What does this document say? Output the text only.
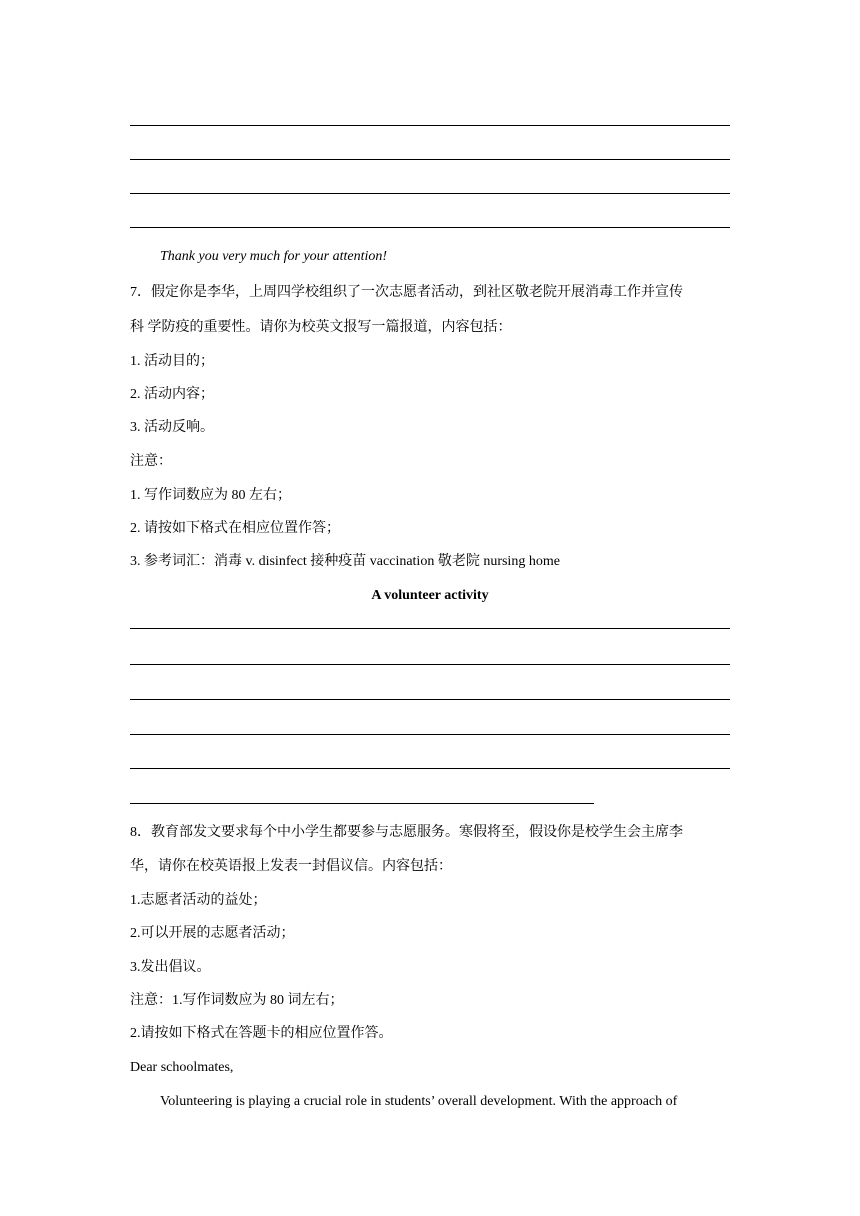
Thank you very much for your attention!
7．假定你是李华，上周四学校组织了一次志愿者活动，到社区敬老院开展消毒工作并宣传
科 学防疫的重要性。请你为校英文报写一篇报道，内容包括：
1. 活动目的；
2. 活动内容；
3. 活动反响。
注意：
1. 写作词数应为 80 左右；
2. 请按如下格式在相应位置作答；
3. 参考词汇：消毒 v. disinfect 接种疫苗 vaccination 敬老院 nursing home
A volunteer activity
8．教育部发文要求每个中小学生都要参与志愿服务。寒假将至，假设你是校学生会主席李
华，请你在校英语报上发表一封倡议信。内容包括：
1.志愿者活动的益处；
2.可以开展的志愿者活动；
3.发出倡议。
注意：1.写作词数应为 80 词左右；
2.请按如下格式在答题卡的相应位置作答。
Dear schoolmates,
Volunteering is playing a crucial role in students’ overall development. With the approach of
